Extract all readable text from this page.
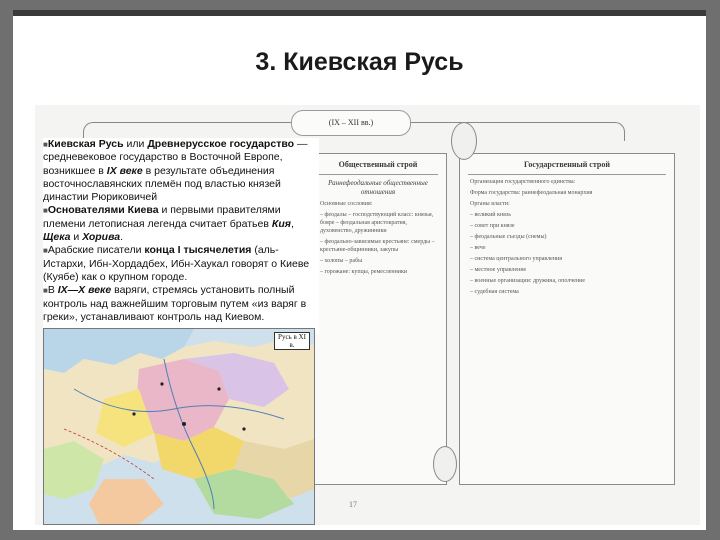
3. Киевская Русь
(IX – XII вв.)
Общественный строй
Раннефеодальные общественные отношения
Основные сословия:
– феодалы – господствующий класс: князья, бояре – феодальная аристократия, духовенство, дружинники
– феодально-зависимые крестьяне: смерды – крестьяне-общинники, закупы
– холопы – рабы
– горожане: купцы, ремесленники
Государственный строй
Организация государственного единства:
Форма государства: раннефеодальная монархия
Органы власти:
– великий князь
– совет при князе
– феодальные съезды (снемы)
– вече
– система центрального управления
– местное управление
– военные организации: дружина, ополчение
– судебная система
17

■Киевская Русь или Древнерусское государство — средневековое государство в Восточной Европе, возникшее в IX веке в результате объединения восточнославянских племён под властью князей династии Рюриковичей

■Основателями Киева и первыми правителями племени летописная легенда считает братьев Кия, Щека и Хорива.

■Арабские писатели конца I тысячелетия (аль-Истархи, Ибн-Хордадбех, Ибн-Хаукал говорят о Киеве (Куябе) как о крупном городе.

■В IX—X веке варяги, стремясь установить полный контроль над важнейшим торговым путем «из варяг в греки», устанавливают контроль над Киевом.

Русь в XI в.
